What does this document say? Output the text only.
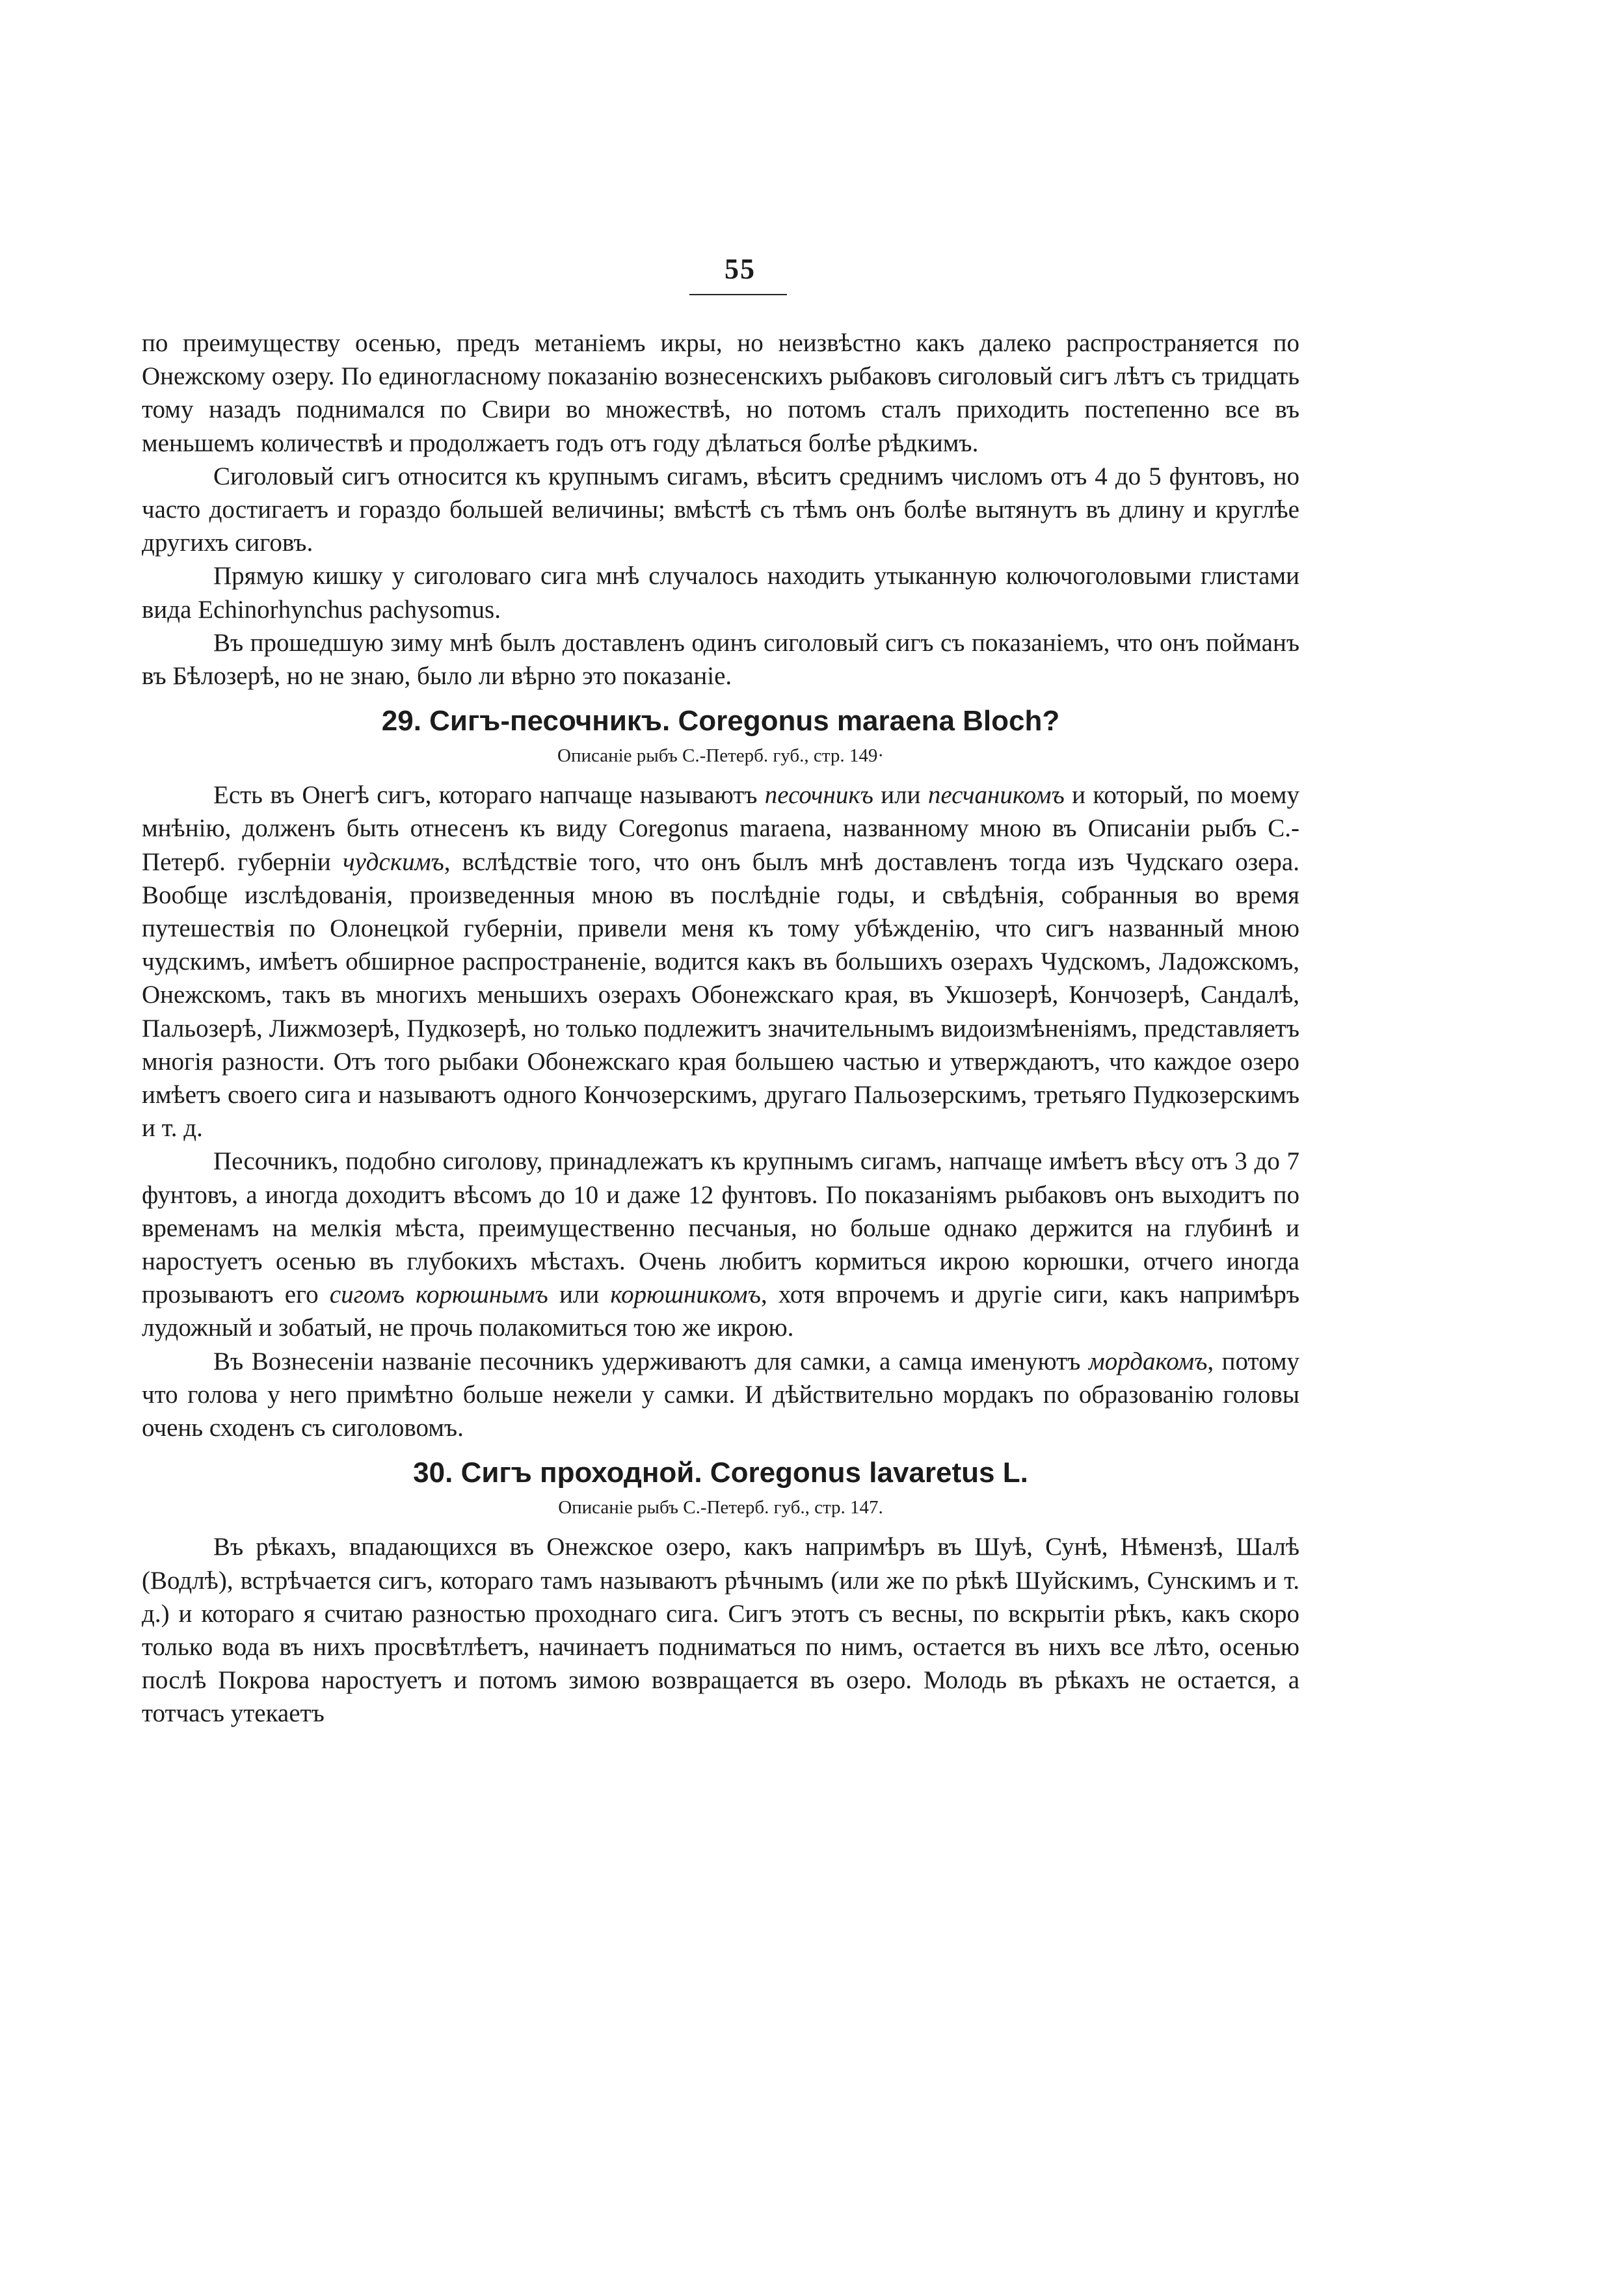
55

по преимуществу осенью, предъ метаніемъ икры, но неизвѣстно какъ далеко распространяется по Онежскому озеру. По единогласному показанію вознесенскихъ рыбаковъ сиголовый сигъ лѣтъ съ тридцать тому назадъ поднимался по Свири во множествѣ, но потомъ сталъ приходить постепенно все въ меньшемъ количествѣ и продолжаетъ годъ отъ году дѣлаться болѣе рѣдкимъ.

Сиголовый сигъ относится къ крупнымъ сигамъ, вѣситъ среднимъ числомъ отъ 4 до 5 фунтовъ, но часто достигаетъ и гораздо большей величины; вмѣстѣ съ тѣмъ онъ болѣе вытянутъ въ длину и круглѣе другихъ сиговъ.

Прямую кишку у сиголоваго сига мнѣ случалось находить утыканную колючоголовыми глистами вида Echinorhynchus pachysomus.

Въ прошедшую зиму мнѣ былъ доставленъ одинъ сиголовый сигъ съ показаніемъ, что онъ пойманъ въ Бѣлозерѣ, но не знаю, было ли вѣрно это показаніе.

29. Сигъ-песочникъ. Coregonus maraena Bloch?
Описаніе рыбъ С.-Петерб. губ., стр. 149·

Есть въ Онегѣ сигъ, котораго напчаще называютъ песочникъ или песчаникомъ и который, по моему мнѣнію, долженъ быть отнесенъ къ виду Coregonus maraena, названному мною въ Описаніи рыбъ С.-Петерб. губерніи чудскимъ, вслѣдствіе того, что онъ былъ мнѣ доставленъ тогда изъ Чудскаго озера. Вообще изслѣдованія, произведенныя мною въ послѣдніе годы, и свѣдѣнія, собранныя во время путешествія по Олонецкой губерніи, привели меня къ тому убѣжденію, что сигъ названный мною чудскимъ, имѣетъ обширное распространеніе, водится какъ въ большихъ озерахъ Чудскомъ, Ладожскомъ, Онежскомъ, такъ въ многихъ меньшихъ озерахъ Обонежскаго края, въ Укшозерѣ, Кончозерѣ, Сандалѣ, Пальозерѣ, Лижмозерѣ, Пудкозерѣ, но только подлежитъ значительнымъ видоизмѣненіямъ, представляетъ многія разности. Отъ того рыбаки Обонежскаго края большею частью и утверждаютъ, что каждое озеро имѣетъ своего сига и называютъ одного Кончозерскимъ, другаго Пальозерскимъ, третьяго Пудкозерскимъ и т. д.

Песочникъ, подобно сиголову, принадлежатъ къ крупнымъ сигамъ, напчаще имѣетъ вѣсу отъ 3 до 7 фунтовъ, а иногда доходитъ вѣсомъ до 10 и даже 12 фунтовъ. По показаніямъ рыбаковъ онъ выходитъ по временамъ на мелкія мѣста, преимущественно песчаныя, но больше однако держится на глубинѣ и наростуетъ осенью въ глубокихъ мѣстахъ. Очень любитъ кормиться икрою корюшки, отчего иногда прозываютъ его сигомъ корюшнымъ или корюшникомъ, хотя впрочемъ и другіе сиги, какъ напримѣръ лудожный и зобатый, не прочь полакомиться тою же икрою.

Въ Вознесеніи названіе песочникъ удерживаютъ для самки, а самца именуютъ мордакомъ, потому что голова у него примѣтно больше нежели у самки. И дѣйствительно мордакъ по образованію головы очень сходенъ съ сиголовомъ.

30. Сигъ проходной. Coregonus lavaretus L.
Описаніе рыбъ С.-Петерб. губ., стр. 147.

Въ рѣкахъ, впадающихся въ Онежское озеро, какъ напримѣръ въ Шуѣ, Сунѣ, Нѣмензѣ, Шалѣ (Водлѣ), встрѣчается сигъ, котораго тамъ называютъ рѣчнымъ (или же по рѣкѣ Шуйскимъ, Сунскимъ и т. д.) и котораго я считаю разностью проходнаго сига. Сигъ этотъ съ весны, по вскрытіи рѣкъ, какъ скоро только вода въ нихъ просвѣтлѣетъ, начинаетъ подниматься по нимъ, остается въ нихъ все лѣто, осенью послѣ Покрова наростуетъ и потомъ зимою возвращается въ озеро. Молодь въ рѣкахъ не остается, а тотчасъ утекаетъ
